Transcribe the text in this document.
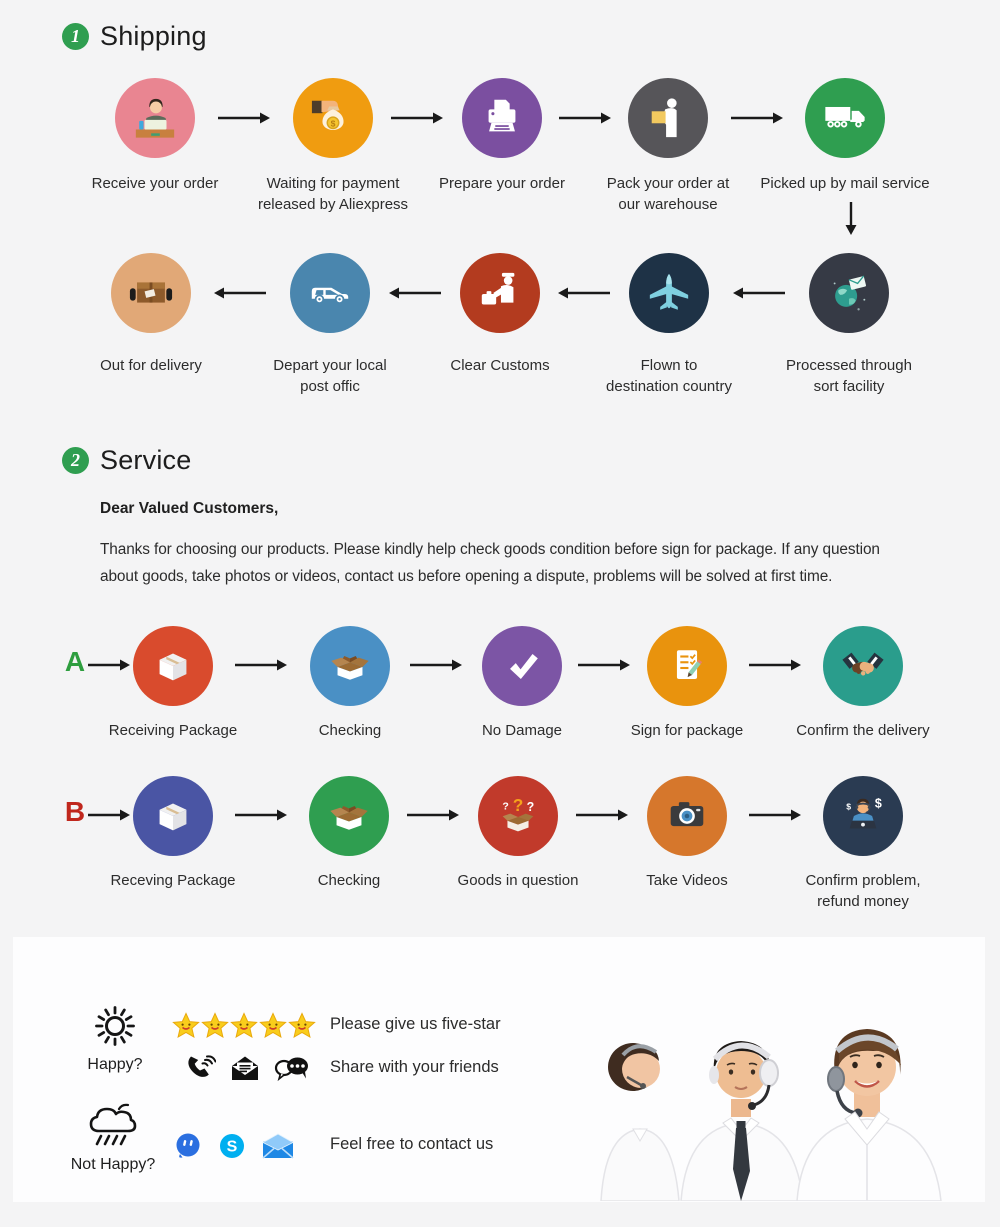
1 Shipping
Receive your order
$
Waiting for payment
released by Aliexpress
Prepare your order	Pack your order at
our warehouse
Picked up by mail service
Out for delivery	Depart your local
post offic
Clear Customs	Flown to
destination country
Processed through
sort facility
2 Service
Dear Valued Customers,
Thanks for choosing our products. Please kindly help check goods condition before sign for package. If any question
about goods, take photos or videos, contact us before opening a dispute, problems will be solved at first time.
A
Receiving Package	Checking	No Damage	Sign for package	Confirm the delivery
B
Receving Package	Checking
? ? ?
Goods in question	Take Videos
$ $
Confirm problem,
refund money
Happy?
Please give us five-star
Share with your friends
Not Happy?
S	Feel free to contact us
